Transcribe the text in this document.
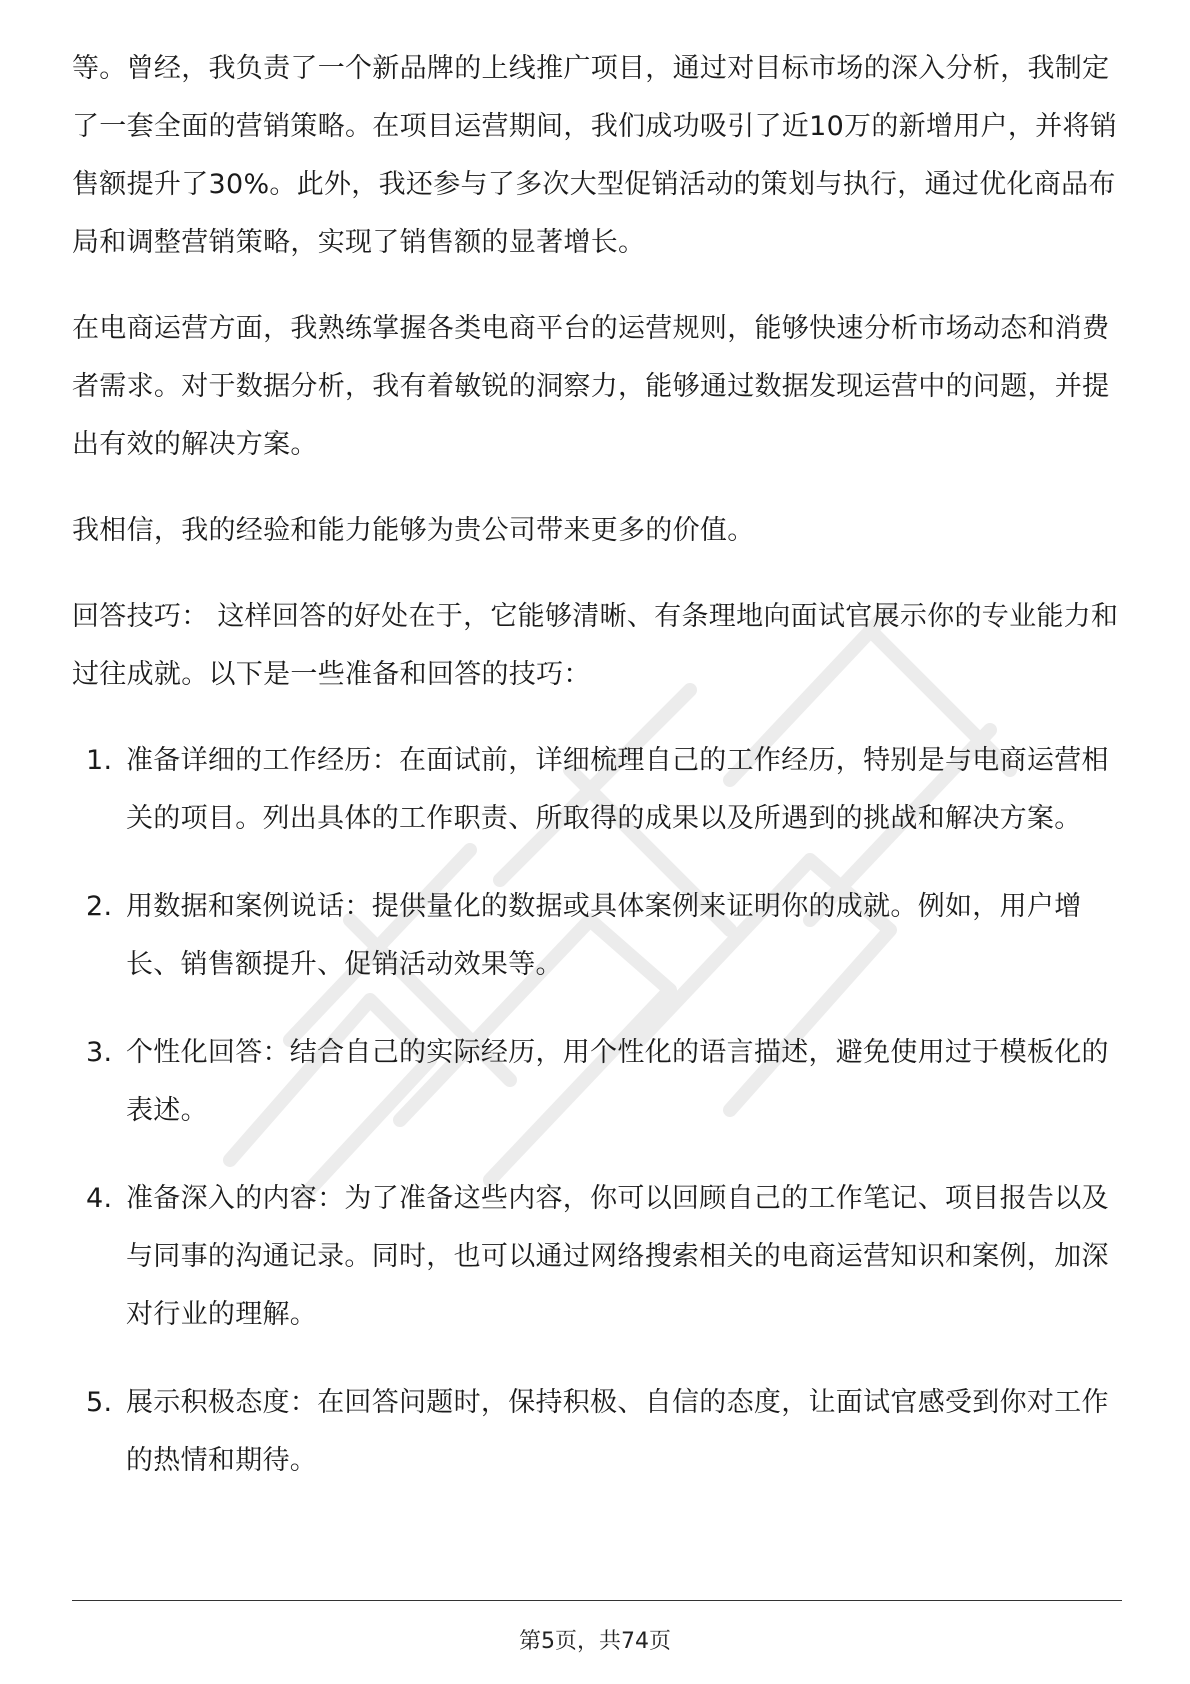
等。曾经，我负责了一个新品牌的上线推广项目，通过对目标市场的深入分析，我制定了一套全面的营销策略。在项目运营期间，我们成功吸引了近10万的新增用户，并将销售额提升了30%。此外，我还参与了多次大型促销活动的策划与执行，通过优化商品布局和调整营销策略，实现了销售额的显著增长。

在电商运营方面，我熟练掌握各类电商平台的运营规则，能够快速分析市场动态和消费者需求。对于数据分析，我有着敏锐的洞察力，能够通过数据发现运营中的问题，并提出有效的解决方案。

我相信，我的经验和能力能够为贵公司带来更多的价值。

回答技巧： 这样回答的好处在于，它能够清晰、有条理地向面试官展示你的专业能力和过往成就。以下是一些准备和回答的技巧：

1. 准备详细的工作经历：在面试前，详细梳理自己的工作经历，特别是与电商运营相关的项目。列出具体的工作职责、所取得的成果以及所遇到的挑战和解决方案。
2. 用数据和案例说话：提供量化的数据或具体案例来证明你的成就。例如，用户增长、销售额提升、促销活动效果等。
3. 个性化回答：结合自己的实际经历，用个性化的语言描述，避免使用过于模板化的表述。
4. 准备深入的内容：为了准备这些内容，你可以回顾自己的工作笔记、项目报告以及与同事的沟通记录。同时，也可以通过网络搜索相关的电商运营知识和案例，加深对行业的理解。
5. 展示积极态度：在回答问题时，保持积极、自信的态度，让面试官感受到你对工作的热情和期待。
第5页，共74页
